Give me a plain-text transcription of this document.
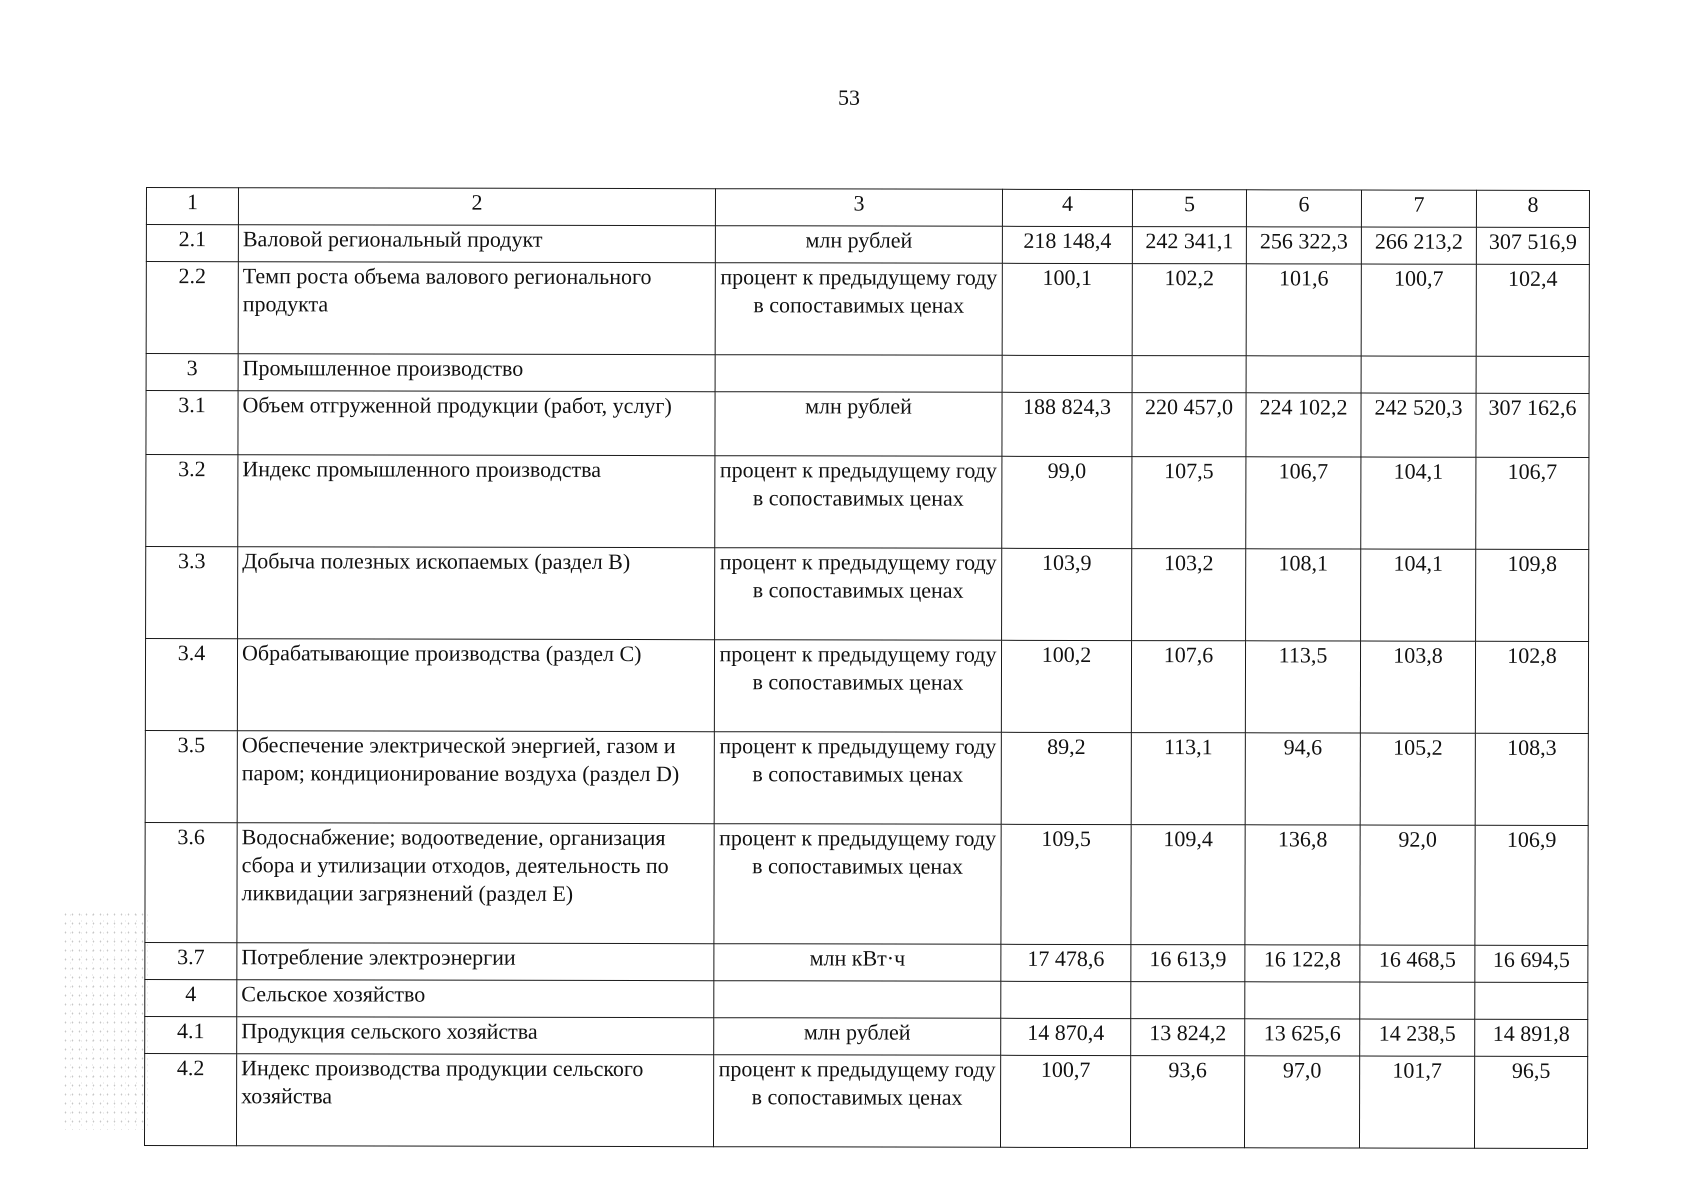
53
1	2	3	4	5	6	7	8
2.1	Валовой региональный продукт	млн рублей	218 148,4	242 341,1	256 322,3	266 213,2	307 516,9
2.2	Темп роста объема валового регионального продукта	процент к предыдущему году в сопоставимых ценах	100,1	102,2	101,6	100,7	102,4
3	Промышленное производство						
3.1	Объем отгруженной продукции (работ, услуг)	млн рублей	188 824,3	220 457,0	224 102,2	242 520,3	307 162,6
3.2	Индекс промышленного производства	процент к предыдущему году в сопоставимых ценах	99,0	107,5	106,7	104,1	106,7
3.3	Добыча полезных ископаемых (раздел B)	процент к предыдущему году в сопоставимых ценах	103,9	103,2	108,1	104,1	109,8
3.4	Обрабатывающие производства (раздел C)	процент к предыдущему году в сопоставимых ценах	100,2	107,6	113,5	103,8	102,8
3.5	Обеспечение электрической энергией, газом и паром; кондиционирование воздуха (раздел D)	процент к предыдущему году в сопоставимых ценах	89,2	113,1	94,6	105,2	108,3
3.6	Водоснабжение; водоотведение, организация сбора и утилизации отходов, деятельность по ликвидации загрязнений (раздел E)	процент к предыдущему году в сопоставимых ценах	109,5	109,4	136,8	92,0	106,9
3.7	Потребление электроэнергии	млн кВт·ч	17 478,6	16 613,9	16 122,8	16 468,5	16 694,5
4	Сельское хозяйство						
4.1	Продукция сельского хозяйства	млн рублей	14 870,4	13 824,2	13 625,6	14 238,5	14 891,8
4.2	Индекс производства продукции сельского хозяйства	процент к предыдущему году в сопоставимых ценах	100,7	93,6	97,0	101,7	96,5
